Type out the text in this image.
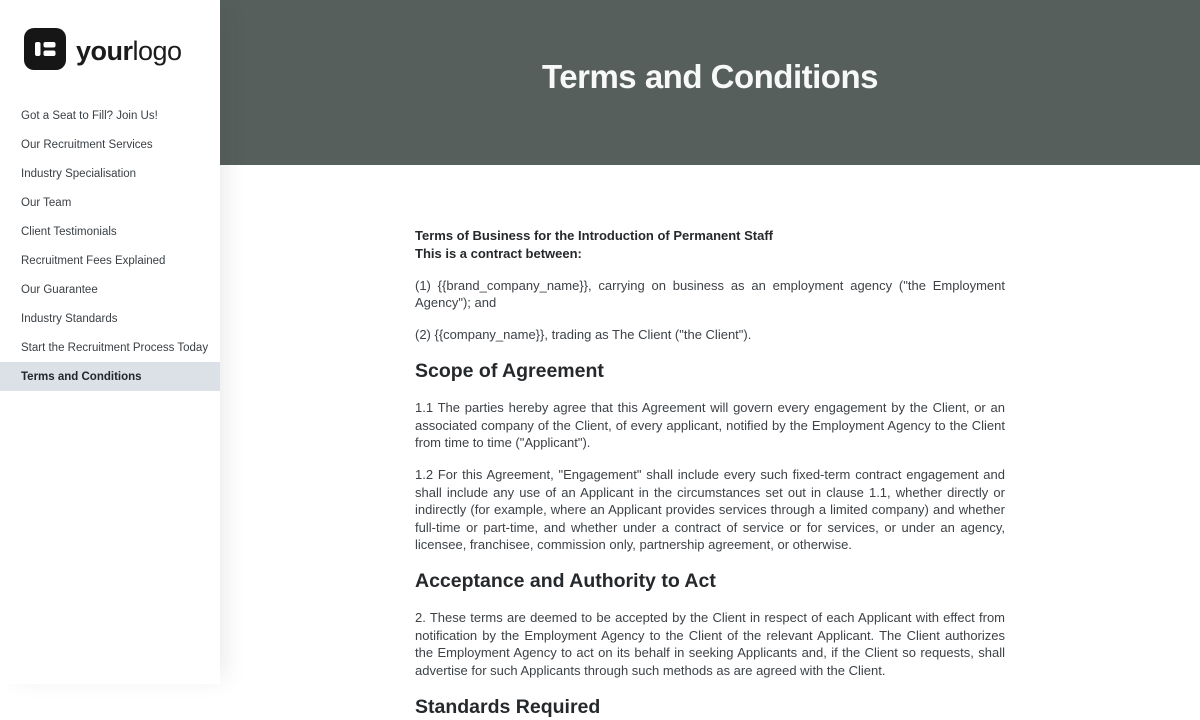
yourlogo
Got a Seat to Fill? Join Us!
Our Recruitment Services
Industry Specialisation
Our Team
Client Testimonials
Recruitment Fees Explained
Our Guarantee
Industry Standards
Start the Recruitment Process Today
Terms and Conditions
Terms and Conditions
Terms of Business for the Introduction of Permanent Staff
This is a contract between:

(1) {{brand_company_name}}, carrying on business as an employment agency ("the Employment Agency"); and

(2) {{company_name}}, trading as The Client ("the Client").

Scope of Agreement

1.1 The parties hereby agree that this Agreement will govern every engagement by the Client, or an associated company of the Client, of every applicant, notified by the Employment Agency to the Client from time to time ("Applicant").

1.2 For this Agreement, "Engagement" shall include every such fixed-term contract engagement and shall include any use of an Applicant in the circumstances set out in clause 1.1, whether directly or indirectly (for example, where an Applicant provides services through a limited company) and whether full-time or part-time, and whether under a contract of service or for services, or under an agency, licensee, franchisee, commission only, partnership agreement, or otherwise.

Acceptance and Authority to Act

2. These terms are deemed to be accepted by the Client in respect of each Applicant with effect from notification by the Employment Agency to the Client of the relevant Applicant. The Client authorizes the Employment Agency to act on its behalf in seeking Applicants and, if the Client so requests, shall advertise for such Applicants through such methods as are agreed with the Client.

Standards Required
